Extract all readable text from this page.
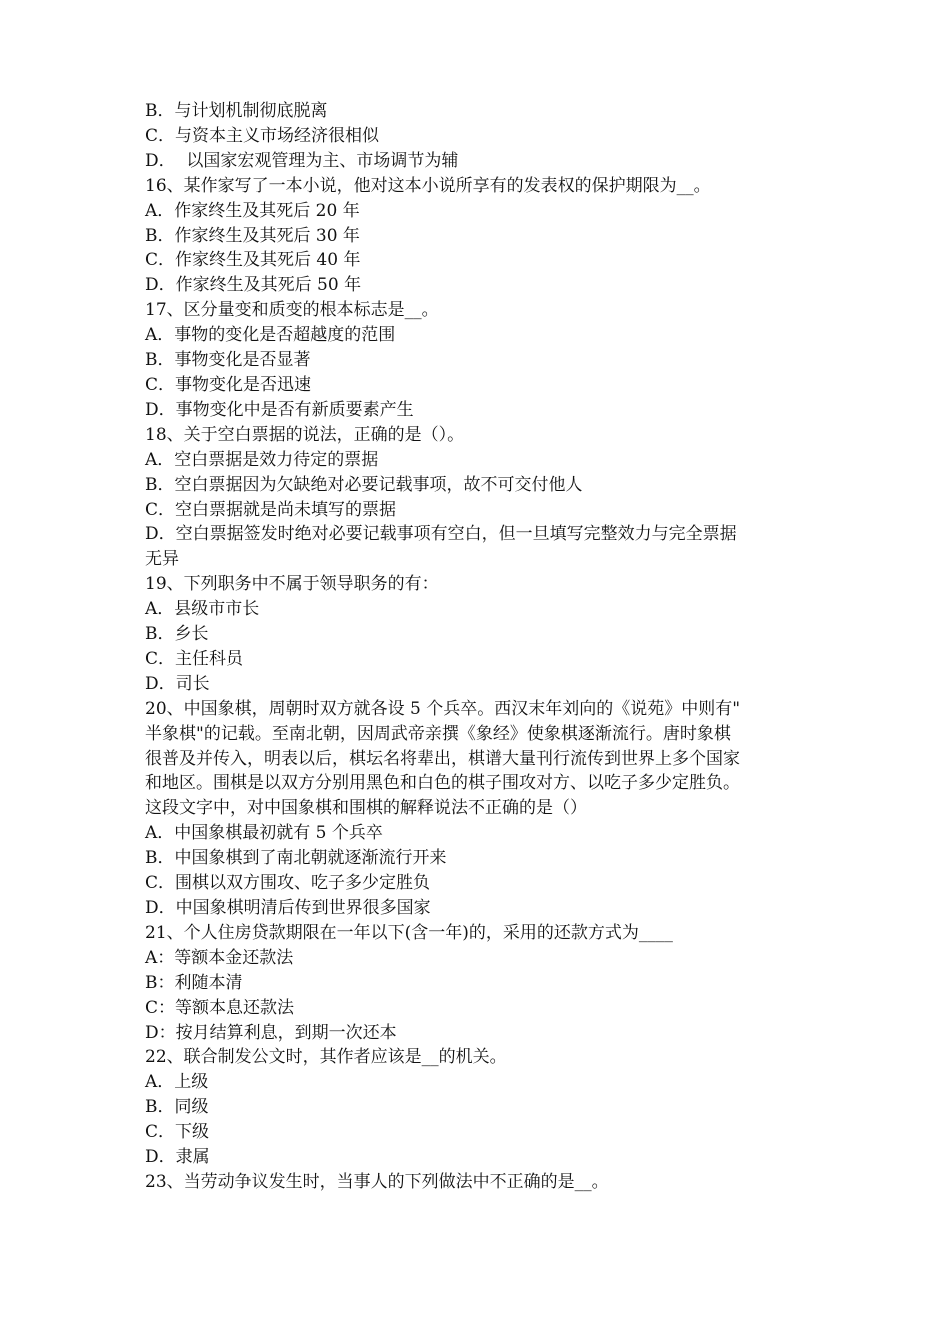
B．与计划机制彻底脱离
C．与资本主义市场经济很相似
D．  以国家宏观管理为主、市场调节为辅
16、某作家写了一本小说，他对这本小说所享有的发表权的保护期限为__。
A．作家终生及其死后 20 年
B．作家终生及其死后 30 年
C．作家终生及其死后 40 年
D．作家终生及其死后 50 年
17、区分量变和质变的根本标志是__。
A．事物的变化是否超越度的范围
B．事物变化是否显著
C．事物变化是否迅速
D．事物变化中是否有新质要素产生
18、关于空白票据的说法，正确的是（）。
A．空白票据是效力待定的票据
B．空白票据因为欠缺绝对必要记载事项，故不可交付他人
C．空白票据就是尚未填写的票据
D．空白票据签发时绝对必要记载事项有空白，但一旦填写完整效力与完全票据
无异
19、下列职务中不属于领导职务的有：
A．县级市市长
B．乡长
C．主任科员
D．司长
20、中国象棋，周朝时双方就各设 5 个兵卒。西汉末年刘向的《说苑》中则有"
半象棋"的记载。至南北朝，因周武帝亲撰《象经》使象棋逐渐流行。唐时象棋
很普及并传入，明表以后，棋坛名将辈出，棋谱大量刊行流传到世界上多个国家
和地区。围棋是以双方分别用黑色和白色的棋子围攻对方、以吃子多少定胜负。
这段文字中，对中国象棋和围棋的解释说法不正确的是（）
A．中国象棋最初就有 5 个兵卒
B．中国象棋到了南北朝就逐渐流行开来
C．围棋以双方围攻、吃子多少定胜负
D．中国象棋明清后传到世界很多国家
21、个人住房贷款期限在一年以下(含一年)的，采用的还款方式为____
A：等额本金还款法
B：利随本清
C：等额本息还款法
D：按月结算利息，到期一次还本
22、联合制发公文时，其作者应该是__的机关。
A．上级
B．同级
C．下级
D．隶属
23、当劳动争议发生时，当事人的下列做法中不正确的是__。
